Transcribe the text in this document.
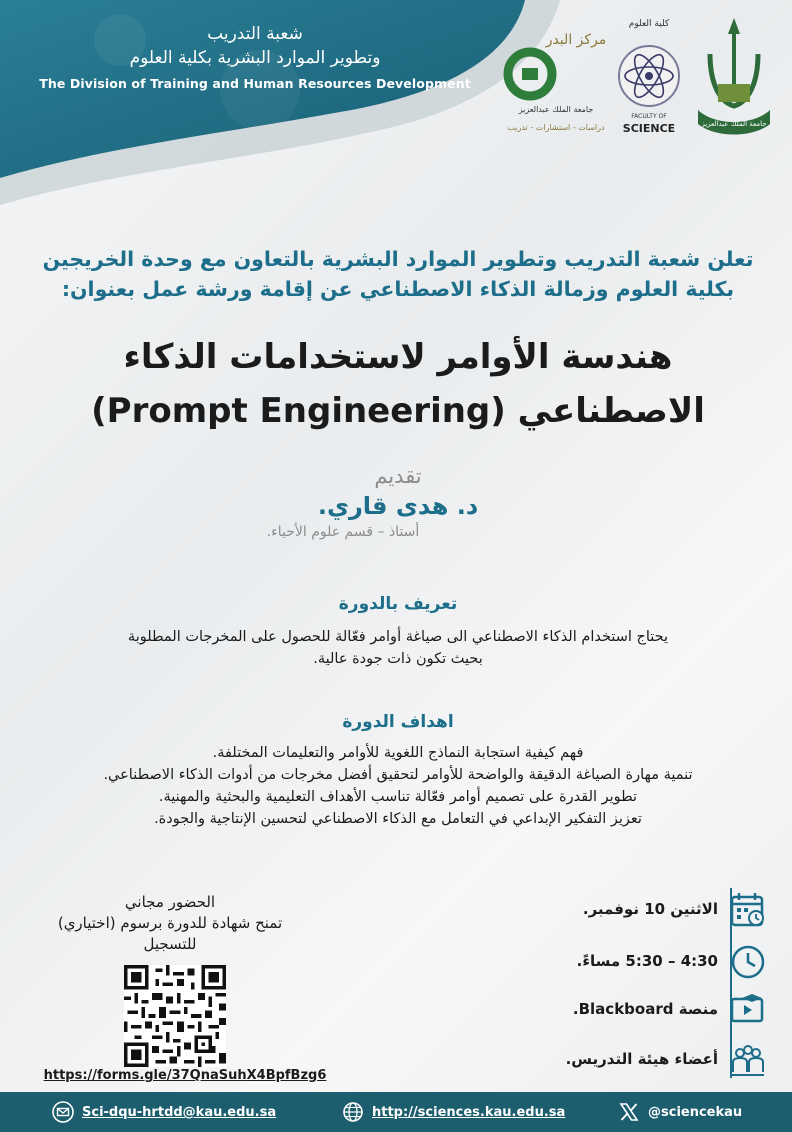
شعبة التدريب
وتطوير الموارد البشرية بكلية العلوم
The Division of Training and Human Resources Development
مركز البدر
جامعة الملك عبدالعزيز
دراسات - استشارات - تدريب
كلية العلوم
FACULTY OF
SCIENCE	جامعة الملك عبدالعزيز
تعلن شعبة التدريب وتطوير الموارد البشرية بالتعاون مع وحدة الخريجين
بكلية العلوم وزمالة الذكاء الاصطناعي عن إقامة ورشة عمل بعنوان:
هندسة الأوامر لاستخدامات الذكاء
الاصطناعي (Prompt Engineering)
تقديم
د. هدى قاري.
أستاذ – قسم علوم الأحياء.
تعريف بالدورة
يحتاج استخدام الذكاء الاصطناعي الى صياغة أوامر فعّالة للحصول على المخرجات المطلوبة
بحيث تكون ذات جودة عالية.
اهداف الدورة
فهم كيفية استجابة النماذج اللغوية للأوامر والتعليمات المختلفة.
تنمية مهارة الصياغة الدقيقة والواضحة للأوامر لتحقيق أفضل مخرجات من أدوات الذكاء الاصطناعي.
تطوير القدرة على تصميم أوامر فعّالة تناسب الأهداف التعليمية والبحثية والمهنية.
تعزيز التفكير الإبداعي في التعامل مع الذكاء الاصطناعي لتحسين الإنتاجية والجودة.
الاثنين 10 نوفمبر.
4:30 – 5:30 مساءً.
منصة Blackboard.
أعضاء هيئة التدريس.
الحضور مجاني
تمنح شهادة للدورة برسوم (اختياري)
للتسجيل
https://forms.gle/37QnaSuhX4BpfBzg6
Sci-dqu-hrtdd@kau.edu.sa	http://sciences.kau.edu.sa	@sciencekau
